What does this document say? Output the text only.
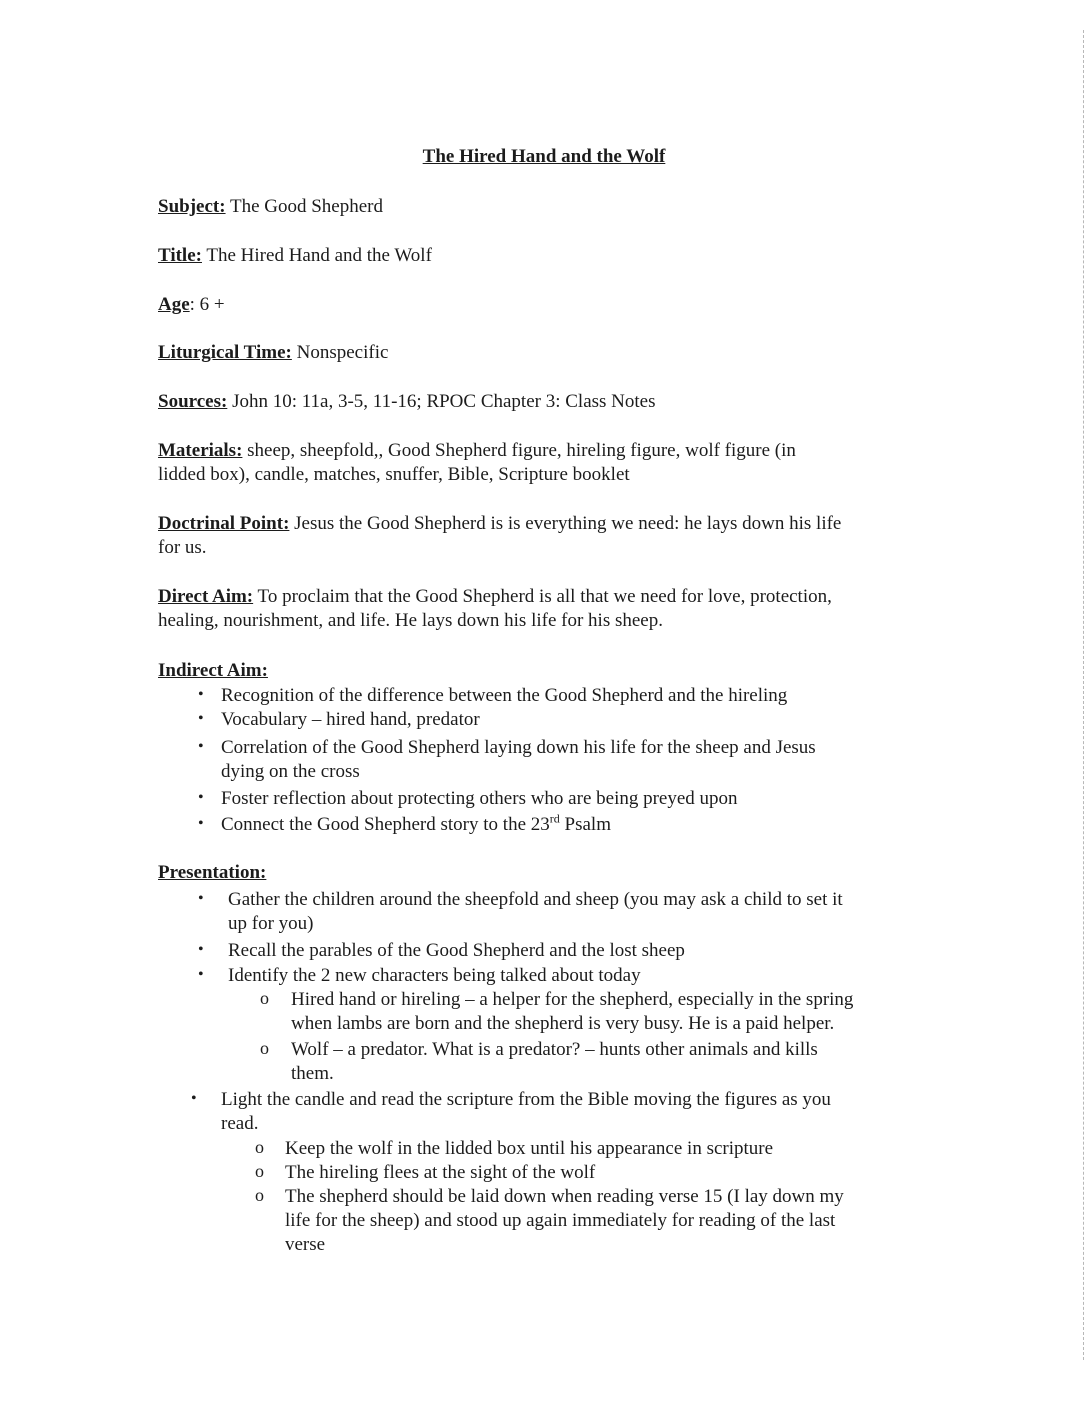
The Hired Hand and the Wolf
Subject: The Good Shepherd
Title: The Hired Hand and the Wolf
Age: 6 +
Liturgical Time: Nonspecific
Sources: John 10: 11a, 3-5, 11-16; RPOC Chapter 3: Class Notes
Materials: sheep, sheepfold,, Good Shepherd figure, hireling figure, wolf figure (in
lidded box), candle, matches, snuffer, Bible, Scripture booklet
Doctrinal Point: Jesus the Good Shepherd is is everything we need: he lays down his life
for us.
Direct Aim: To proclaim that the Good Shepherd is all that we need for love, protection,
healing, nourishment, and life. He lays down his life for his sheep.
Indirect Aim:
• Recognition of the difference between the Good Shepherd and the hireling
• Vocabulary – hired hand, predator
• Correlation of the Good Shepherd laying down his life for the sheep and Jesus
dying on the cross
• Foster reflection about protecting others who are being preyed upon
• Connect the Good Shepherd story to the 23rd Psalm
Presentation:
• Gather the children around the sheepfold and sheep (you may ask a child to set it
up for you)
• Recall the parables of the Good Shepherd and the lost sheep
• Identify the 2 new characters being talked about today
o Hired hand or hireling – a helper for the shepherd, especially in the spring
when lambs are born and the shepherd is very busy. He is a paid helper.
o Wolf – a predator. What is a predator? – hunts other animals and kills
them.
• Light the candle and read the scripture from the Bible moving the figures as you
read.
o Keep the wolf in the lidded box until his appearance in scripture
o The hireling flees at the sight of the wolf
o The shepherd should be laid down when reading verse 15 (I lay down my
life for the sheep) and stood up again immediately for reading of the last
verse
